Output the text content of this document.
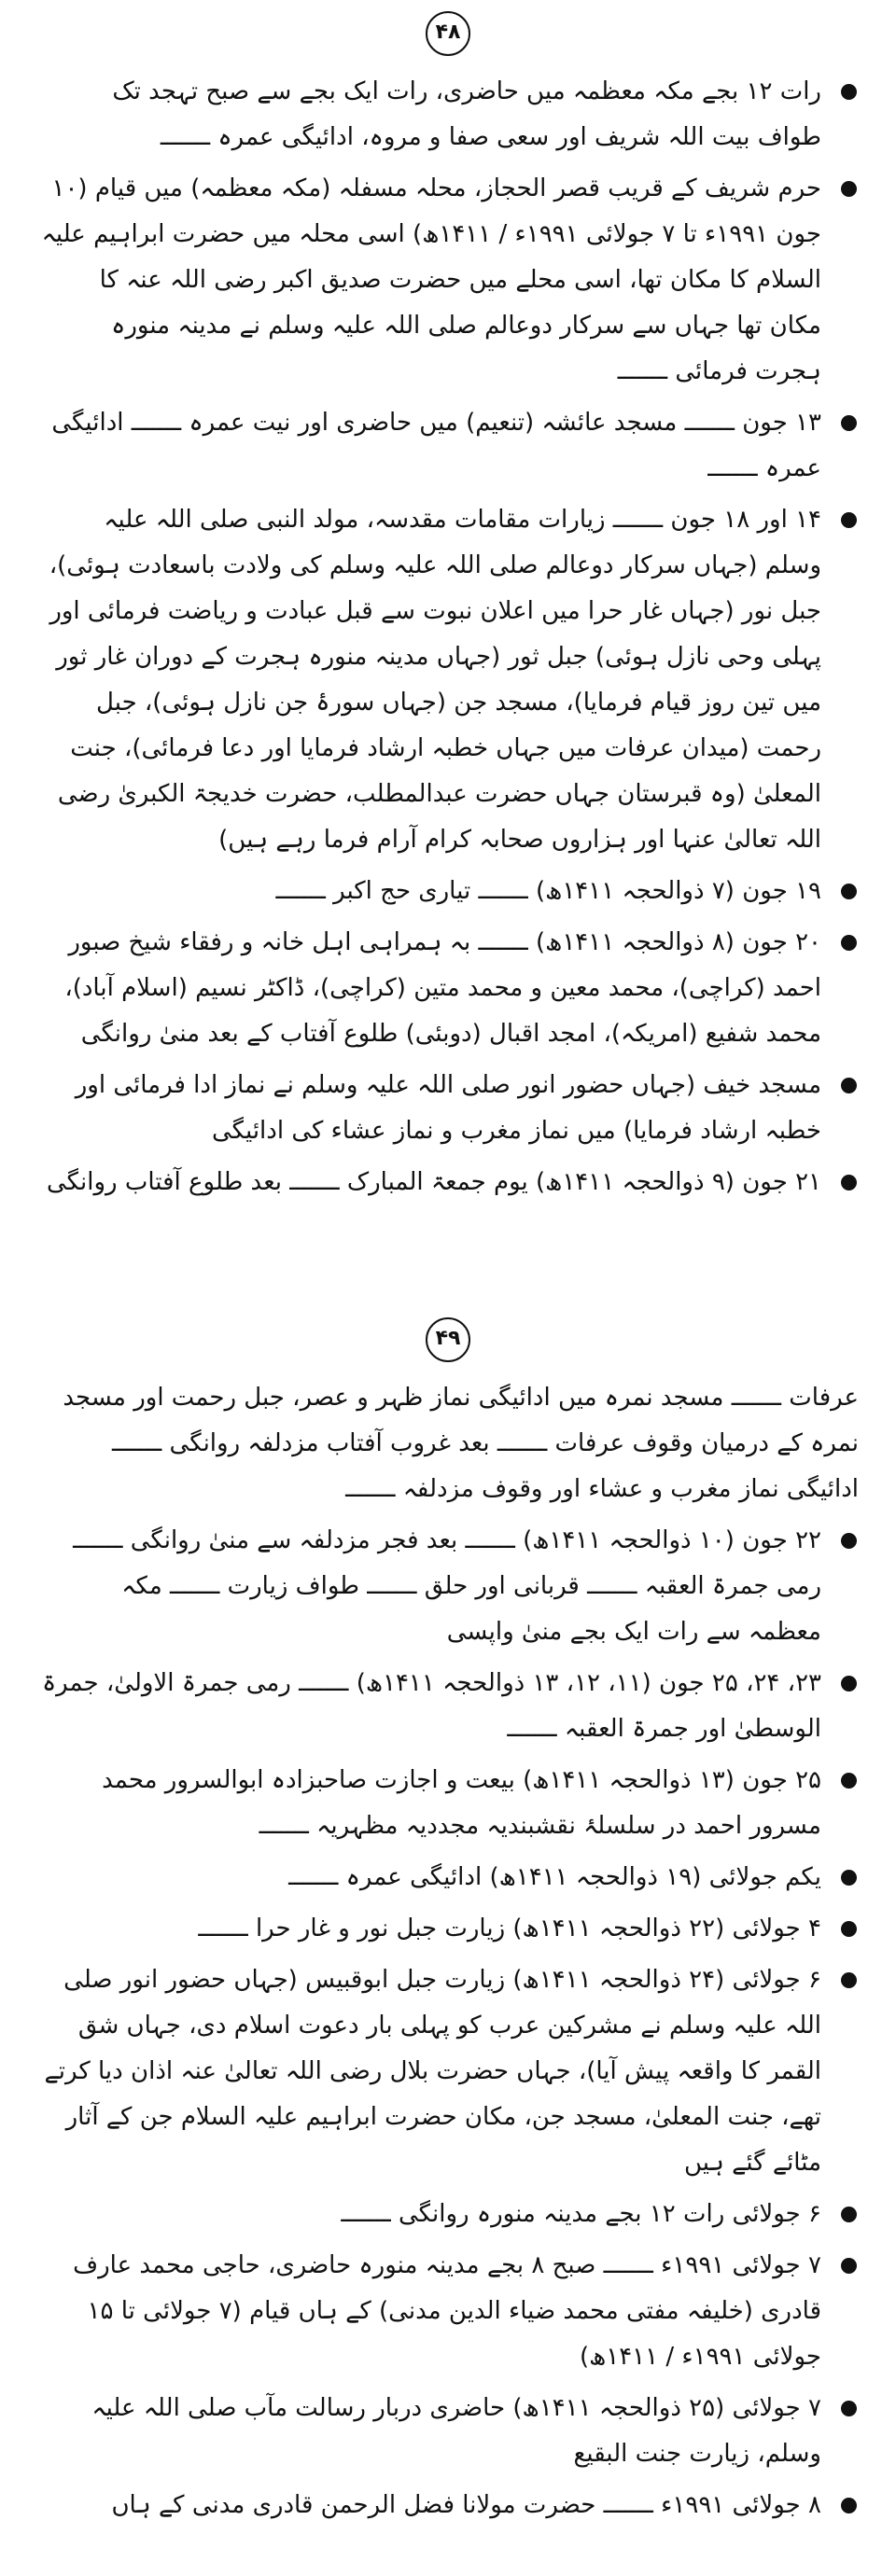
۴۸

رات ۱۲ بجے مکہ معظمہ میں حاضری، رات ایک بجے سے صبح تہجد تک طواف بیت اللہ شریف اور سعی صفا و مروہ، ادائیگی عمرہ ـــــــ

حرم شریف کے قریب قصر الحجاز، محلہ مسفلہ (مکہ معظمہ) میں قیام (۱۰ جون ۱۹۹۱ء تا ۷ جولائی ۱۹۹۱ء / ۱۴۱۱ھ) اسی محلہ میں حضرت ابراہیم علیہ السلام کا مکان تھا، اسی محلے میں حضرت صدیق اکبر رضی اللہ عنہ کا مکان تھا جہاں سے سرکار دوعالم صلی اللہ علیہ وسلم نے مدینہ منورہ ہجرت فرمائی ـــــــ

۱۳ جون ـــــــ مسجد عائشہ (تنعیم) میں حاضری اور نیت عمرہ ـــــــ ادائیگی عمرہ ـــــــ

۱۴ اور ۱۸ جون ـــــــ زیارات مقامات مقدسہ، مولد النبی صلی اللہ علیہ وسلم (جہاں سرکار دوعالم صلی اللہ علیہ وسلم کی ولادت باسعادت ہوئی)، جبل نور (جہاں غار حرا میں اعلان نبوت سے قبل عبادت و ریاضت فرمائی اور پہلی وحی نازل ہوئی) جبل ثور (جہاں مدینہ منورہ ہجرت کے دوران غار ثور میں تین روز قیام فرمایا)، مسجد جن (جہاں سورۂ جن نازل ہوئی)، جبل رحمت (میدان عرفات میں جہاں خطبہ ارشاد فرمایا اور دعا فرمائی)، جنت المعلیٰ (وہ قبرستان جہاں حضرت عبدالمطلب، حضرت خدیجۃ الکبریٰ رضی اللہ تعالیٰ عنہا اور ہزاروں صحابہ کرام آرام فرما رہے ہیں)

۱۹ جون (۷ ذوالحجہ ۱۴۱۱ھ) ـــــــ تیاری حج اکبر ـــــــ

۲۰ جون (۸ ذوالحجہ ۱۴۱۱ھ) ـــــــ بہ ہمراہی اہل خانہ و رفقاء شیخ صبور احمد (کراچی)، محمد معین و محمد متین (کراچی)، ڈاکٹر نسیم (اسلام آباد)، محمد شفیع (امریکہ)، امجد اقبال (دوبئی) طلوع آفتاب کے بعد منیٰ روانگی

مسجد خیف (جہاں حضور انور صلی اللہ علیہ وسلم نے نماز ادا فرمائی اور خطبہ ارشاد فرمایا) میں نماز مغرب و نماز عشاء کی ادائیگی

۲۱ جون (۹ ذوالحجہ ۱۴۱۱ھ) یوم جمعۃ المبارک ـــــــ بعد طلوع آفتاب روانگی

۴۹

عرفات ـــــــ مسجد نمرہ میں ادائیگی نماز ظہر و عصر، جبل رحمت اور مسجد نمرہ کے درمیان وقوف عرفات ـــــــ بعد غروب آفتاب مزدلفہ روانگی ـــــــ ادائیگی نماز مغرب و عشاء اور وقوف مزدلفہ ـــــــ

۲۲ جون (۱۰ ذوالحجہ ۱۴۱۱ھ) ـــــــ بعد فجر مزدلفہ سے منیٰ روانگی ـــــــ رمی جمرۃ العقبہ ـــــــ قربانی اور حلق ـــــــ طواف زیارت ـــــــ مکہ معظمہ سے رات ایک بجے منیٰ واپسی

۲۳، ۲۴، ۲۵ جون (۱۱، ۱۲، ۱۳ ذوالحجہ ۱۴۱۱ھ) ـــــــ رمی جمرۃ الاولیٰ، جمرۃ الوسطیٰ اور جمرۃ العقبہ ـــــــ

۲۵ جون (۱۳ ذوالحجہ ۱۴۱۱ھ) بیعت و اجازت صاحبزادہ ابوالسرور محمد مسرور احمد در سلسلۂ نقشبندیہ مجددیہ مظہریہ ـــــــ

یکم جولائی (۱۹ ذوالحجہ ۱۴۱۱ھ) ادائیگی عمرہ ـــــــ

۴ جولائی (۲۲ ذوالحجہ ۱۴۱۱ھ) زیارت جبل نور و غار حرا ـــــــ

۶ جولائی (۲۴ ذوالحجہ ۱۴۱۱ھ) زیارت جبل ابوقبیس (جہاں حضور انور صلی اللہ علیہ وسلم نے مشرکین عرب کو پہلی بار دعوت اسلام دی، جہاں شق القمر کا واقعہ پیش آیا)، جہاں حضرت بلال رضی اللہ تعالیٰ عنہ اذان دیا کرتے تھے، جنت المعلیٰ، مسجد جن، مکان حضرت ابراہیم علیہ السلام جن کے آثار مٹائے گئے ہیں

۶ جولائی رات ۱۲ بجے مدینہ منورہ روانگی ـــــــ

۷ جولائی ۱۹۹۱ء ـــــــ صبح ۸ بجے مدینہ منورہ حاضری، حاجی محمد عارف قادری (خلیفہ مفتی محمد ضیاء الدین مدنی) کے ہاں قیام (۷ جولائی تا ۱۵ جولائی ۱۹۹۱ء / ۱۴۱۱ھ)

۷ جولائی (۲۵ ذوالحجہ ۱۴۱۱ھ) حاضری دربار رسالت مآب صلی اللہ علیہ وسلم، زیارت جنت البقیع

۸ جولائی ۱۹۹۱ء ـــــــ حضرت مولانا فضل الرحمن قادری مدنی کے ہاں
